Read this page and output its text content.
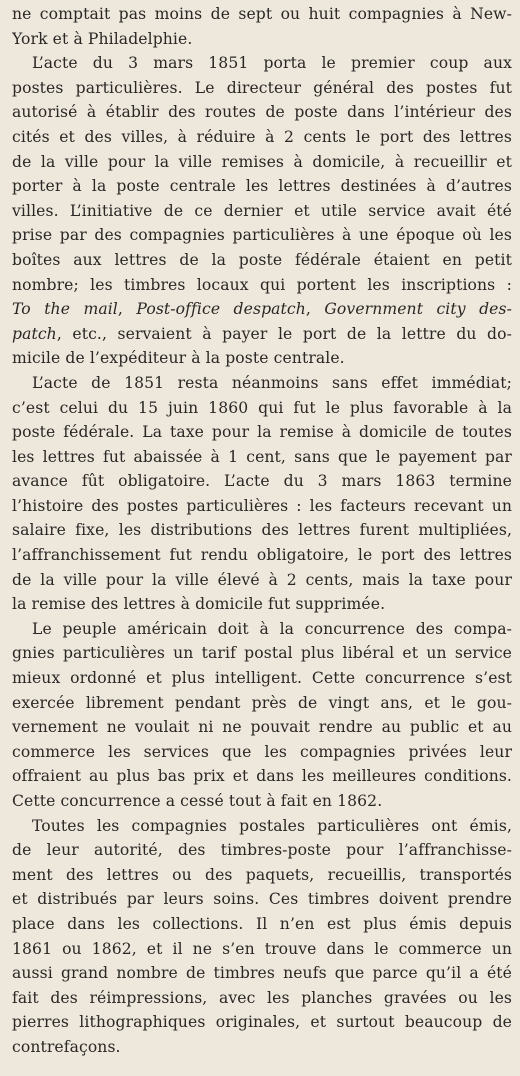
ne comptait pas moins de sept ou huit compagnies à New-
York et à Philadelphie.

L’acte du 3 mars 1851 porta le premier coup aux
postes particulières. Le directeur général des postes fut
autorisé à établir des routes de poste dans l’intérieur des
cités et des villes, à réduire à 2 cents le port des lettres
de la ville pour la ville remises à domicile, à recueillir et
porter à la poste centrale les lettres destinées à d’autres
villes. L’initiative de ce dernier et utile service avait été
prise par des compagnies particulières à une époque où les
boîtes aux lettres de la poste fédérale étaient en petit
nombre; les timbres locaux qui portent les inscriptions :
To the mail, Post-office despatch, Government city des-
patch, etc., servaient à payer le port de la lettre du do-
micile de l’expéditeur à la poste centrale.

L’acte de 1851 resta néanmoins sans effet immédiat;
c’est celui du 15 juin 1860 qui fut le plus favorable à la
poste fédérale. La taxe pour la remise à domicile de toutes
les lettres fut abaissée à 1 cent, sans que le payement par
avance fût obligatoire. L’acte du 3 mars 1863 termine
l’histoire des postes particulières : les facteurs recevant un
salaire fixe, les distributions des lettres furent multipliées,
l’affranchissement fut rendu obligatoire, le port des lettres
de la ville pour la ville élevé à 2 cents, mais la taxe pour
la remise des lettres à domicile fut supprimée.

Le peuple américain doit à la concurrence des compa-
gnies particulières un tarif postal plus libéral et un service
mieux ordonné et plus intelligent. Cette concurrence s’est
exercée librement pendant près de vingt ans, et le gou-
vernement ne voulait ni ne pouvait rendre au public et au
commerce les services que les compagnies privées leur
offraient au plus bas prix et dans les meilleures conditions.
Cette concurrence a cessé tout à fait en 1862.

Toutes les compagnies postales particulières ont émis,
de leur autorité, des timbres-poste pour l’affranchisse-
ment des lettres ou des paquets, recueillis, transportés
et distribués par leurs soins. Ces timbres doivent prendre
place dans les collections. Il n’en est plus émis depuis
1861 ou 1862, et il ne s’en trouve dans le commerce un
aussi grand nombre de timbres neufs que parce qu’il a été
fait des réimpressions, avec les planches gravées ou les
pierres lithographiques originales, et surtout beaucoup de
contrefaçons.
